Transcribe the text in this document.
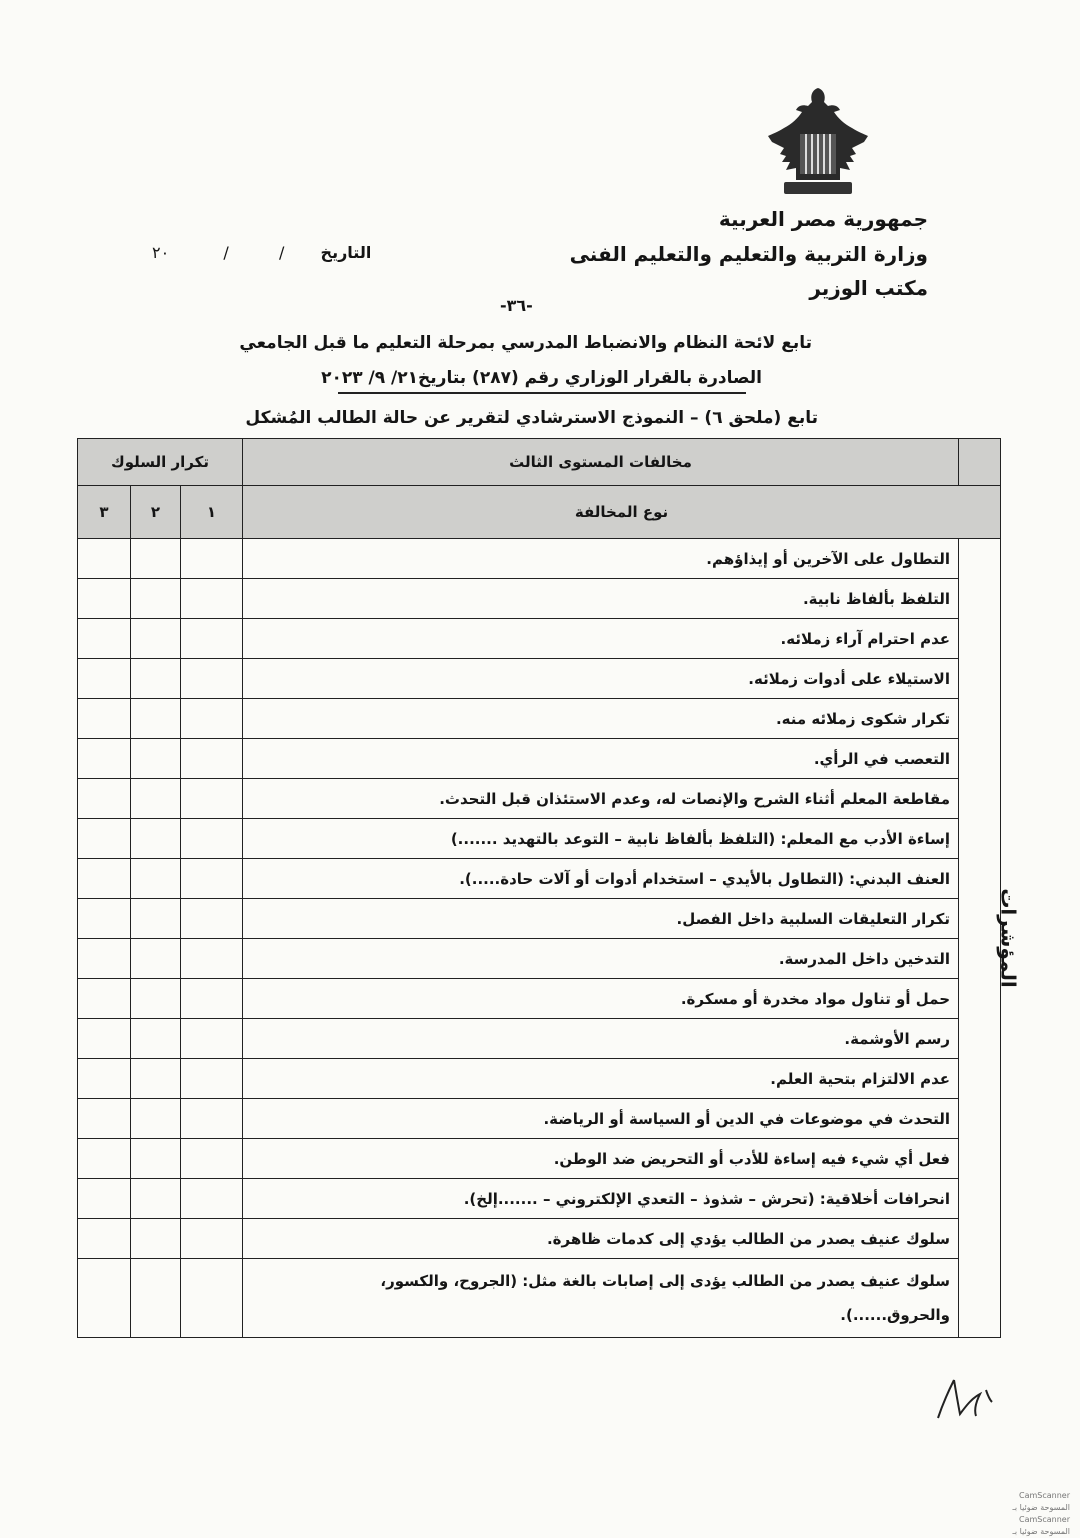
جمهورية مصر العربية
وزارة التربية والتعليم والتعليم الفنى
مكتب الوزير
٢٠	/	/ التاريخ
-٣٦-
تابع لائحة النظام والانضباط المدرسي بمرحلة التعليم ما قبل الجامعي
الصادرة بالقرار الوزاري رقم (٢٨٧) بتاريخ٢١/ ٩/ ٢٠٢٣
تابع (ملحق ٦) – النموذج الاسترشادي لتقرير عن حالة الطالب المُشكل
تكرار السلوك			مخالفات المستوى الثالث	
٣	٢	١	نوع المخالفة	
			التطاول على الآخرين أو إيذاؤهم.	المؤشرات
			التلفظ بألفاظ نابية.	
			عدم احترام آراء زملائه.	
			الاستيلاء على أدوات زملائه.	
			تكرار شكوى زملائه منه.	
			التعصب في الرأي.	
			مقاطعة المعلم أثناء الشرح والإنصات له، وعدم الاستئذان قبل التحدث.	
			إساءة الأدب مع المعلم: (التلفظ بألفاظ نابية – التوعد بالتهديد .......)	
			العنف البدني: (التطاول بالأيدي – استخدام أدوات أو آلات حادة.....).	
			تكرار التعليقات السلبية داخل الفصل.	
			التدخين داخل المدرسة.	
			حمل أو تناول مواد مخدرة أو مسكرة.	
			رسم الأوشمة.	
			عدم الالتزام بتحية العلم.	
			التحدث في موضوعات في الدين أو السياسة أو الرياضة.	
			فعل أي شيء فيه إساءة للأدب أو التحريض ضد الوطن.	
			انحرافات أخلاقية: (تحرش – شذوذ – التعدي الإلكتروني – .......إلخ).	
			سلوك عنيف يصدر من الطالب يؤدي إلى كدمات ظاهرة.	

			سلوك عنيف يصدر من الطالب يؤدى إلى إصابات بالغة مثل: (الجروح، والكسور،
والحروق......).	
CamScanner المسوحة ضوئيا بـ
CamScanner المسوحة ضوئيا بـ
